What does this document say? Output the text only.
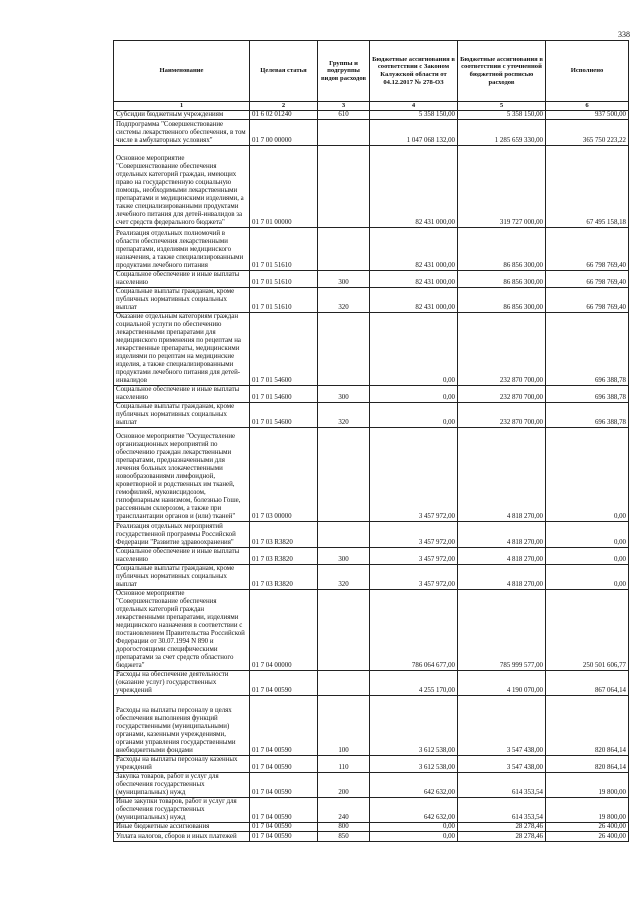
338
Наименование	Целевая статья	Группы и подгруппы видов расходов	Бюджетные ассигнования в соответствии с Законом Калужской области от 04.12.2017 № 278-ОЗ	Бюджетные ассигнования в соответствии с уточненной бюджетной росписью расходов	Исполнено
1	2	3	4	5	6
Субсидии бюджетным учреждениям	01 6 02 01240	610	5 358 150,00	5 358 150,00	937 500,00
Подпрограмма "Совершенствование системы лекарственного обеспечения, в том числе в амбулаторных условиях"	01 7 00 00000		1 047 068 132,00	1 285 659 330,00	365 750 223,22
Основное мероприятие "Совершенствование обеспечения отдельных категорий граждан, имеющих право на государственную социальную помощь, необходимыми лекарственными препаратами и медицинскими изделиями, а также специализированными продуктами лечебного питания для детей-инвалидов за счет средств федерального бюджета"	01 7 01 00000		82 431 000,00	319 727 000,00	67 495 158,18
Реализация отдельных полномочий в области обеспечения лекарственными препаратами, изделиями медицинского назначения, а также специализированными продуктами лечебного питания	01 7 01 51610		82 431 000,00	86 856 300,00	66 798 769,40
Социальное обеспечение и иные выплаты населению	01 7 01 51610	300	82 431 000,00	86 856 300,00	66 798 769,40
Социальные выплаты гражданам, кроме публичных нормативных социальных выплат	01 7 01 51610	320	82 431 000,00	86 856 300,00	66 798 769,40
Оказание отдельным категориям граждан социальной услуги по обеспечению лекарственными препаратами для медицинского применения по рецептам на лекарственные препараты, медицинскими изделиями по рецептам на медицинские изделия, а также специализированными продуктами лечебного питания для детей-инвалидов	01 7 01 54600		0,00	232 870 700,00	696 388,78
Социальное обеспечение и иные выплаты населению	01 7 01 54600	300	0,00	232 870 700,00	696 388,78
Социальные выплаты гражданам, кроме публичных нормативных социальных выплат	01 7 01 54600	320	0,00	232 870 700,00	696 388,78
Основное мероприятие "Осуществление организационных мероприятий по обеспечению граждан лекарственными препаратами, предназначенными для лечения больных злокачественными новообразованиями лимфоидной, кроветворной и родственных им тканей, гемофилией, муковисцидозом, гипофизарным нанизмом, болезнью Гоше, рассеянным склерозом, а также при трансплантации органов и (или) тканей"	01 7 03 00000		3 457 972,00	4 818 270,00	0,00
Реализация отдельных мероприятий государственной программы Российской Федерации "Развитие здравоохранения"	01 7 03 R3820		3 457 972,00	4 818 270,00	0,00
Социальное обеспечение и иные выплаты населению	01 7 03 R3820	300	3 457 972,00	4 818 270,00	0,00
Социальные выплаты гражданам, кроме публичных нормативных социальных выплат	01 7 03 R3820	320	3 457 972,00	4 818 270,00	0,00
Основное мероприятие "Совершенствование обеспечения отдельных категорий граждан лекарственными препаратами, изделиями медицинского назначения в соответствии с постановлением Правительства Российской Федерации от 30.07.1994 N 890 и дорогостоящими специфическими препаратами за счет средств областного бюджета"	01 7 04 00000		786 064 677,00	785 999 577,00	250 501 606,77
Расходы на обеспечение деятельности (оказание услуг) государственных учреждений	01 7 04 00590		4 255 170,00	4 190 070,00	867 064,14
Расходы на выплаты персоналу в целях обеспечения выполнения функций государственными (муниципальными) органами, казенными учреждениями, органами управления государственными внебюджетными фондами	01 7 04 00590	100	3 612 538,00	3 547 438,00	820 864,14
Расходы на выплаты персоналу казенных учреждений	01 7 04 00590	110	3 612 538,00	3 547 438,00	820 864,14
Закупка товаров, работ и услуг для обеспечения государственных (муниципальных) нужд	01 7 04 00590	200	642 632,00	614 353,54	19 800,00
Иные закупки товаров, работ и услуг для обеспечения государственных (муниципальных) нужд	01 7 04 00590	240	642 632,00	614 353,54	19 800,00
Иные бюджетные ассигнования	01 7 04 00590	800	0,00	28 278,46	26 400,00
Уплата налогов, сборов и иных платежей	01 7 04 00590	850	0,00	28 278,46	26 400,00
